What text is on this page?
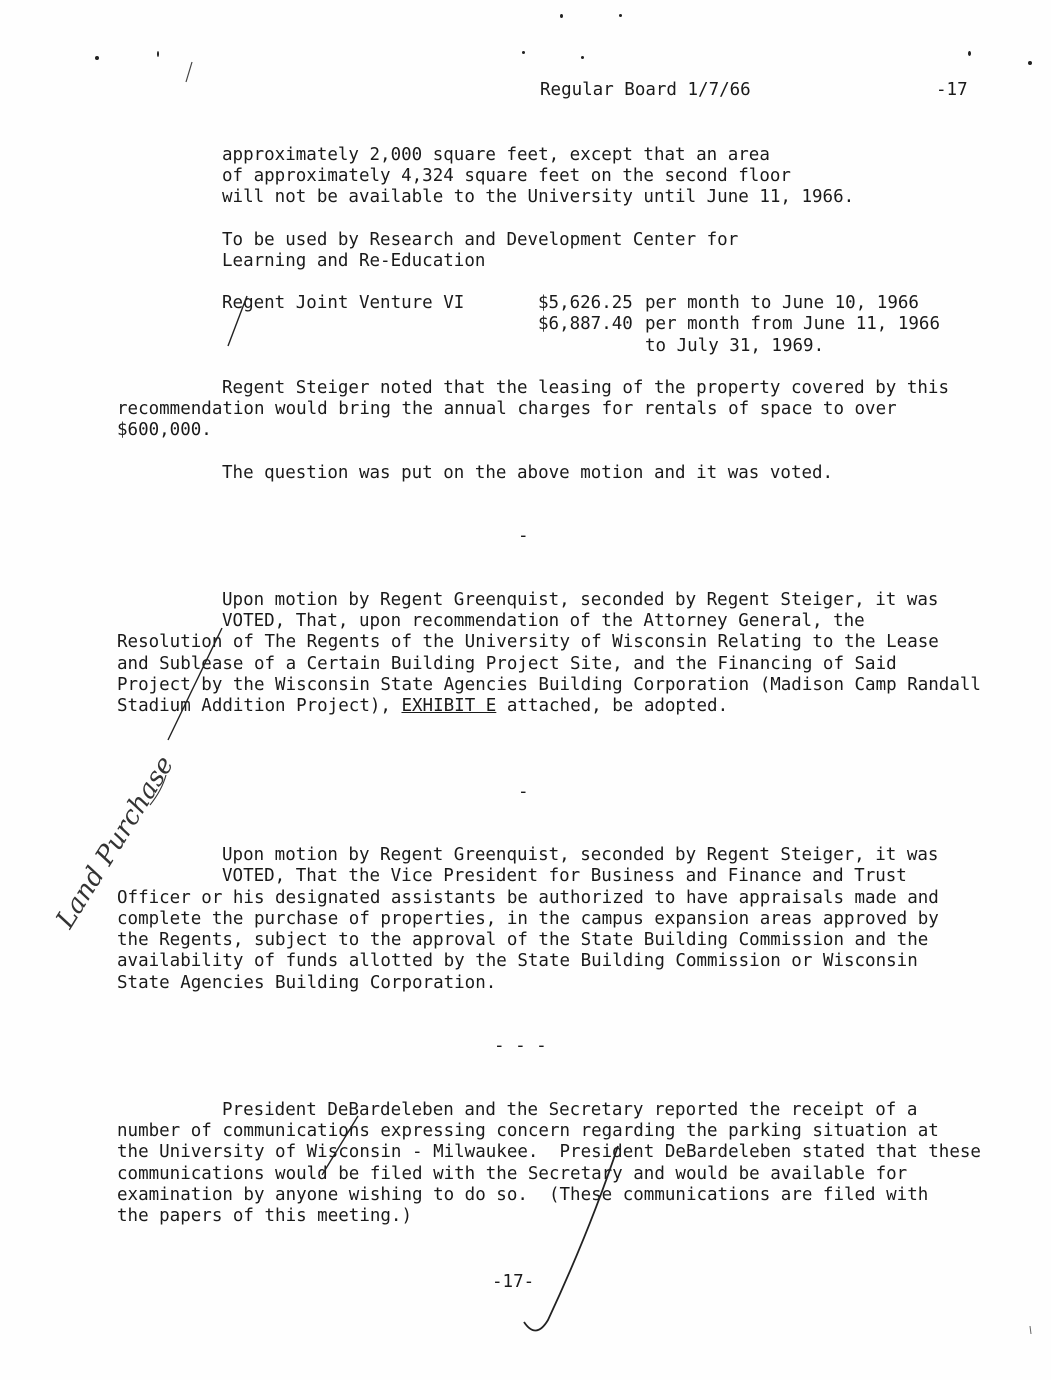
Regular Board 1/7/66	-17
approximately 2,000 square feet, except that an area
of approximately 4,324 square feet on the second floor
will not be available to the University until June 11, 1966.
To be used by Research and Development Center for
Learning and Re-Education
Regent Joint Venture VI	$5,626.25 per month to June 10, 1966
$6,887.40 per month from June 11, 1966
to July 31, 1969.
Regent Steiger noted that the leasing of the property covered by this
recommendation would bring the annual charges for rentals of space to over
$600,000.
The question was put on the above motion and it was voted.
-
Upon motion by Regent Greenquist, seconded by Regent Steiger, it was
VOTED, That, upon recommendation of the Attorney General, the
Resolution of The Regents of the University of Wisconsin Relating to the Lease
and Sublease of a Certain Building Project Site, and the Financing of Said
Project by the Wisconsin State Agencies Building Corporation (Madison Camp Randall
Stadium Addition Project), EXHIBIT E attached, be adopted.
-
Upon motion by Regent Greenquist, seconded by Regent Steiger, it was
VOTED, That the Vice President for Business and Finance and Trust
Officer or his designated assistants be authorized to have appraisals made and
complete the purchase of properties, in the campus expansion areas approved by
the Regents, subject to the approval of the State Building Commission and the
availability of funds allotted by the State Building Commission or Wisconsin
State Agencies Building Corporation.
- - -
President DeBardeleben and the Secretary reported the receipt of a
number of communications expressing concern regarding the parking situation at
the University of Wisconsin - Milwaukee.  President DeBardeleben stated that these
communications would be filed with the Secretary and would be available for
examination by anyone wishing to do so.  (These communications are filed with
the papers of this meeting.)
-17-
Land Purchase
